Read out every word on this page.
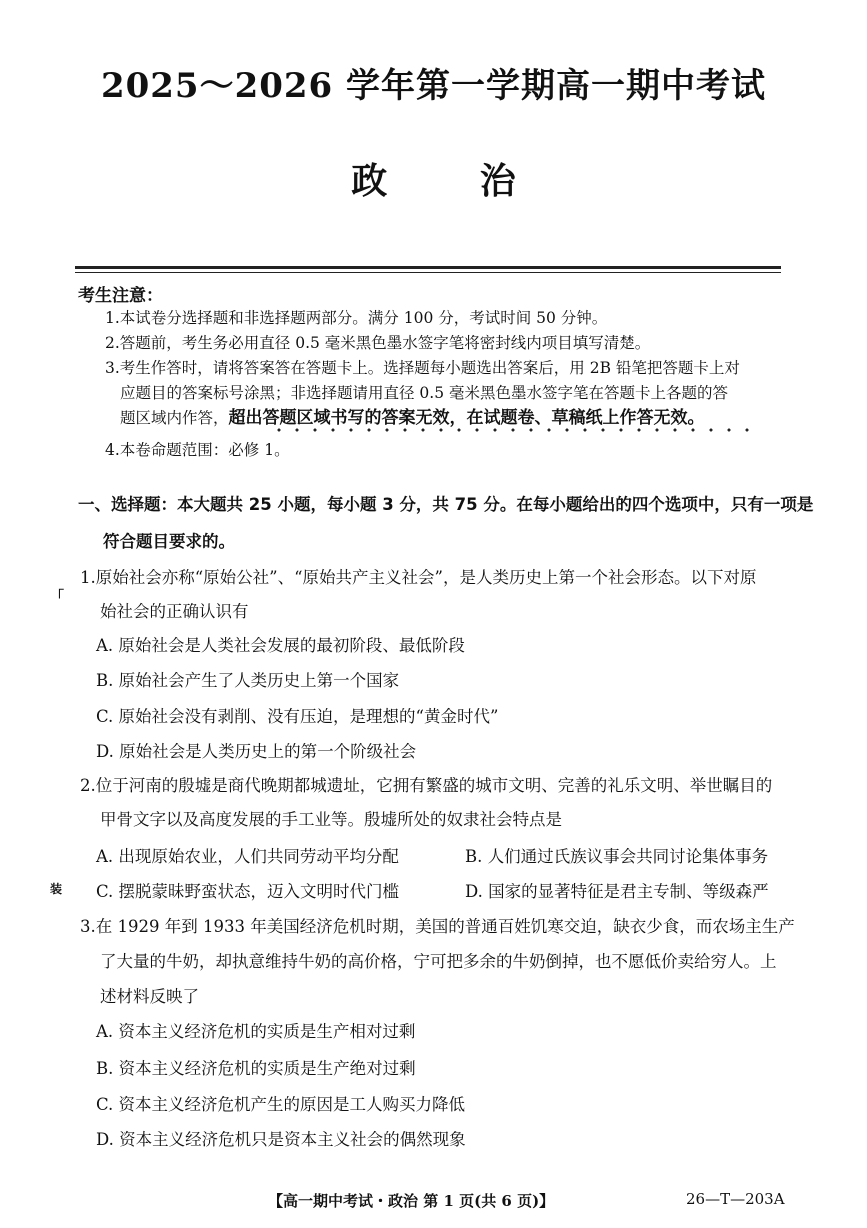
2025～2026 学年第一学期高一期中考试
政 治
考生注意：
1.本试卷分选择题和非选择题两部分。满分 100 分，考试时间 50 分钟。
2.答题前，考生务必用直径 0.5 毫米黑色墨水签字笔将密封线内项目填写清楚。
3.考生作答时，请将答案答在答题卡上。选择题每小题选出答案后，用 2B 铅笔把答题卡上对
应题目的答案标号涂黑；非选择题请用直径 0.5 毫米黑色墨水签字笔在答题卡上各题的答
题区域内作答，超出答题区域书写的答案无效，在试题卷、草稿纸上作答无效。
4.本卷命题范围：必修 1。
一、选择题：本大题共 25 小题，每小题 3 分，共 75 分。在每小题给出的四个选项中，只有一项是
符合题目要求的。
1.原始社会亦称“原始公社”、“原始共产主义社会”，是人类历史上第一个社会形态。以下对原
始社会的正确认识有
A. 原始社会是人类社会发展的最初阶段、最低阶段
B. 原始社会产生了人类历史上第一个国家
C. 原始社会没有剥削、没有压迫，是理想的“黄金时代”
D. 原始社会是人类历史上的第一个阶级社会
2.位于河南的殷墟是商代晚期都城遗址，它拥有繁盛的城市文明、完善的礼乐文明、举世瞩目的
甲骨文字以及高度发展的手工业等。殷墟所处的奴隶社会特点是
A. 出现原始农业，人们共同劳动平均分配	B. 人们通过氏族议事会共同讨论集体事务
C. 摆脱蒙昧野蛮状态，迈入文明时代门槛	D. 国家的显著特征是君主专制、等级森严
3.在 1929 年到 1933 年美国经济危机时期，美国的普通百姓饥寒交迫，缺衣少食，而农场主生产
了大量的牛奶，却执意维持牛奶的高价格，宁可把多余的牛奶倒掉，也不愿低价卖给穷人。上
述材料反映了
A. 资本主义经济危机的实质是生产相对过剩
B. 资本主义经济危机的实质是生产绝对过剩
C. 资本主义经济危机产生的原因是工人购买力降低
D. 资本主义经济危机只是资本主义社会的偶然现象
「
装
【高一期中考试・政治 第 1 页(共 6 页)】	26—T—203A
